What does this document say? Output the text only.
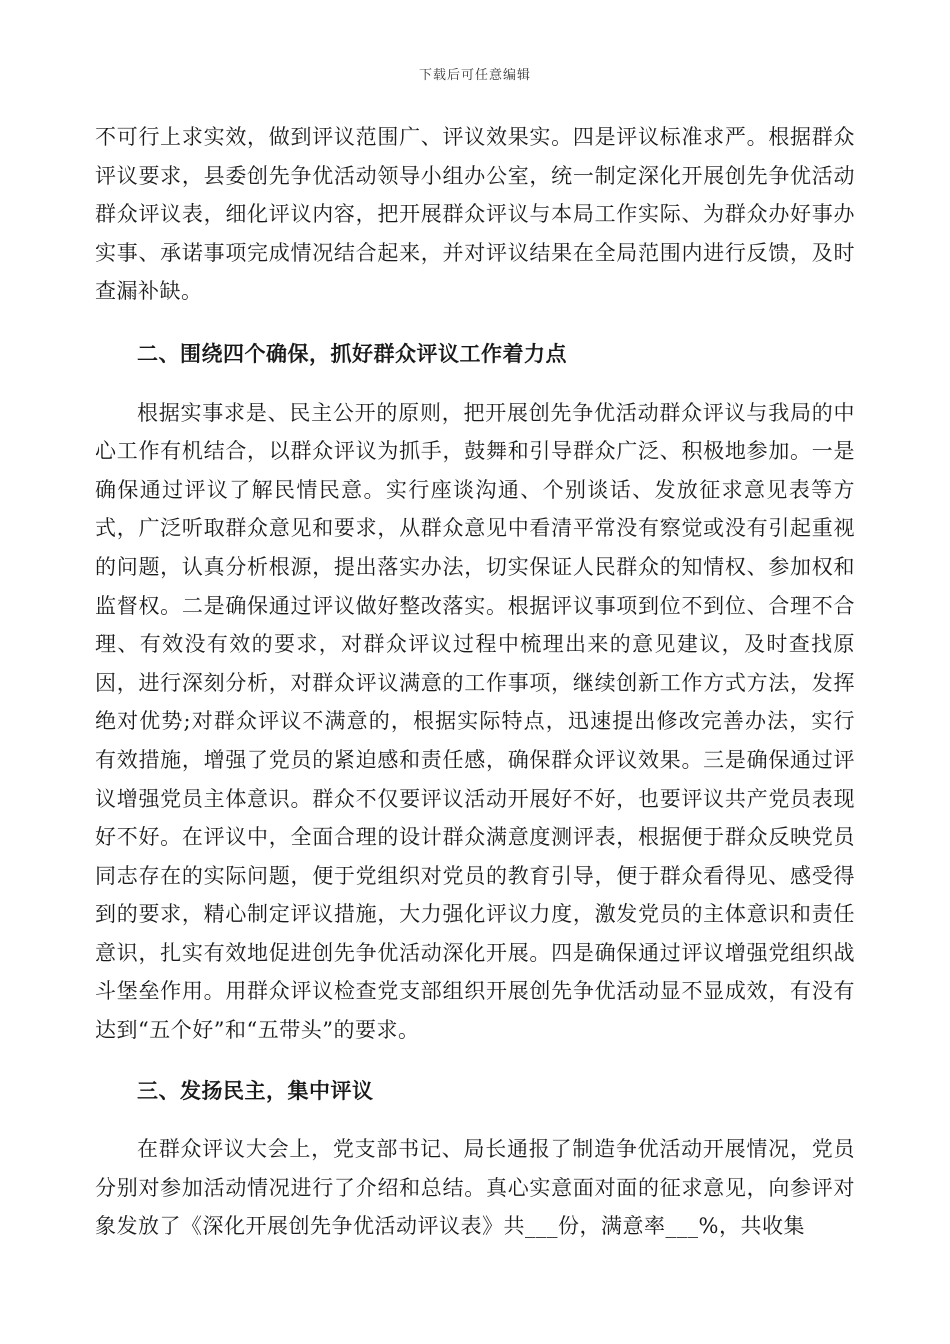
下载后可任意编辑

不可行上求实效，做到评议范围广、评议效果实。四是评议标准求严。根据群众评议要求，县委创先争优活动领导小组办公室，统一制定深化开展创先争优活动群众评议表，细化评议内容，把开展群众评议与本局工作实际、为群众办好事办实事、承诺事项完成情况结合起来，并对评议结果在全局范围内进行反馈，及时查漏补缺。

二、围绕四个确保，抓好群众评议工作着力点

根据实事求是、民主公开的原则，把开展创先争优活动群众评议与我局的中心工作有机结合，以群众评议为抓手，鼓舞和引导群众广泛、积极地参加。一是确保通过评议了解民情民意。实行座谈沟通、个别谈话、发放征求意见表等方式，广泛听取群众意见和要求，从群众意见中看清平常没有察觉或没有引起重视的问题，认真分析根源，提出落实办法，切实保证人民群众的知情权、参加权和监督权。二是确保通过评议做好整改落实。根据评议事项到位不到位、合理不合理、有效没有效的要求，对群众评议过程中梳理出来的意见建议，及时查找原因，进行深刻分析，对群众评议满意的工作事项，继续创新工作方式方法，发挥绝对优势;对群众评议不满意的，根据实际特点，迅速提出修改完善办法，实行有效措施，增强了党员的紧迫感和责任感，确保群众评议效果。三是确保通过评议增强党员主体意识。群众不仅要评议活动开展好不好，也要评议共产党员表现好不好。在评议中，全面合理的设计群众满意度测评表，根据便于群众反映党员同志存在的实际问题，便于党组织对党员的教育引导，便于群众看得见、感受得到的要求，精心制定评议措施，大力强化评议力度，激发党员的主体意识和责任意识，扎实有效地促进创先争优活动深化开展。四是确保通过评议增强党组织战斗堡垒作用。用群众评议检查党支部组织开展创先争优活动显不显成效，有没有达到“五个好”和“五带头”的要求。

三、发扬民主，集中评议

在群众评议大会上，党支部书记、局长通报了制造争优活动开展情况，党员分别对参加活动情况进行了介绍和总结。真心实意面对面的征求意见，向参评对象发放了《深化开展创先争优活动评议表》共___份，满意率___%，共收集
